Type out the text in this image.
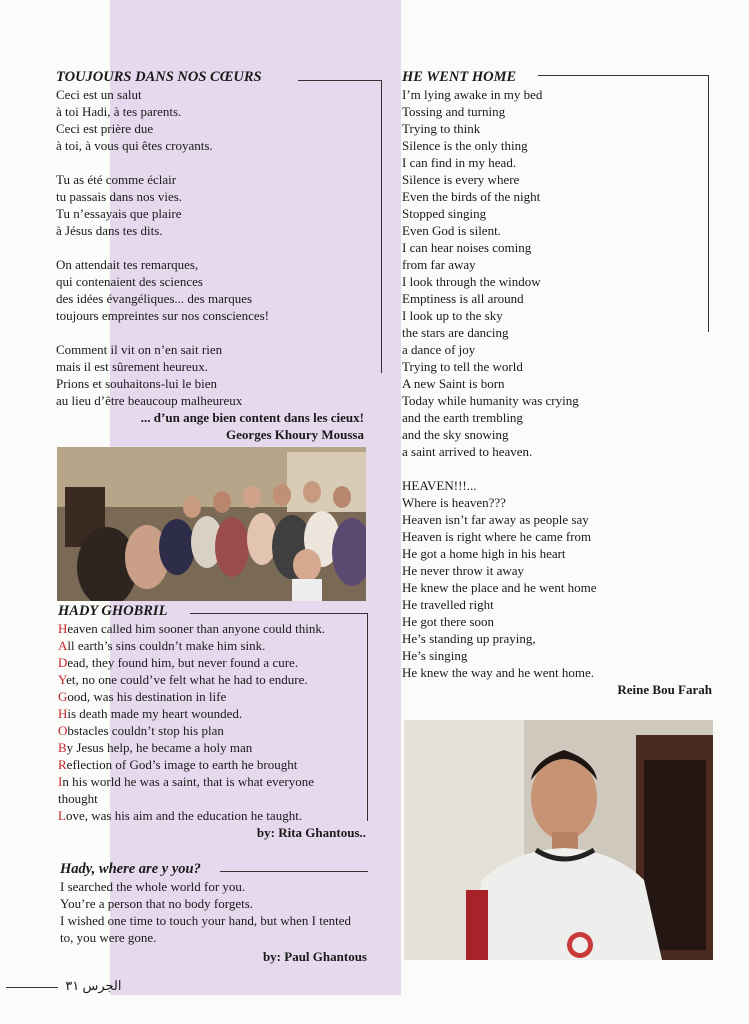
TOUJOURS DANS NOS CŒURS
Ceci est un salut
à toi Hadi, à tes parents.
Ceci est prière due
à toi, à vous qui êtes croyants.
Tu as été comme éclair
tu passais dans nos vies.
Tu n’essayais que plaire
à Jésus dans tes dits.
On attendait tes remarques,
qui contenaient des sciences
des idées évangéliques... des marques
toujours empreintes sur nos consciences!
Comment il vit on n’en sait rien
mais il est sûrement heureux.
Prions et souhaitons-lui le bien
au lieu d’être beaucoup malheureux
... d’un ange bien content dans les cieux!
Georges Khoury Moussa
HADY GHOBRIL
Heaven called him sooner than anyone could think.
All earth’s sins couldn’t make him sink.
Dead, they found him, but never found a cure.
Yet, no one could’ve felt what he had to endure.
Good, was his destination in life
His death made my heart wounded.
Obstacles couldn’t stop his plan
By Jesus help, he became a holy man
Reflection of God’s image to earth he brought
In his world he was a saint, that is what everyone
thought
Love, was his aim and the education he taught.
by: Rita Ghantous..
Hady, where are y you?
I searched the whole world for you.
You’re a person that no body forgets.
I wished one time to touch your hand, but when I tented
to, you were gone.
by: Paul Ghantous
HE WENT HOME
I’m lying awake in my bed
Tossing and turning
Trying to think
Silence is the only thing
I can find in my head.
Silence is every where
Even the birds of the night
Stopped singing
Even God is silent.
I can hear noises coming
from far away
I look through the window
Emptiness is all around
I look up to the sky
the stars are dancing
a dance of joy
Trying to tell the world
A new Saint is born
Today while humanity was crying
and the earth trembling
and the sky snowing
a saint arrived to heaven.
HEAVEN!!!...
Where is heaven???
Heaven isn’t far away as people say
Heaven is right where he came from
He got a home high in his heart
He never throw it away
He knew the place and he went home
He travelled right
He got there soon
He’s standing up praying,
He’s singing
He knew the way and he went home.
Reine Bou Farah
الجرس ٣١
